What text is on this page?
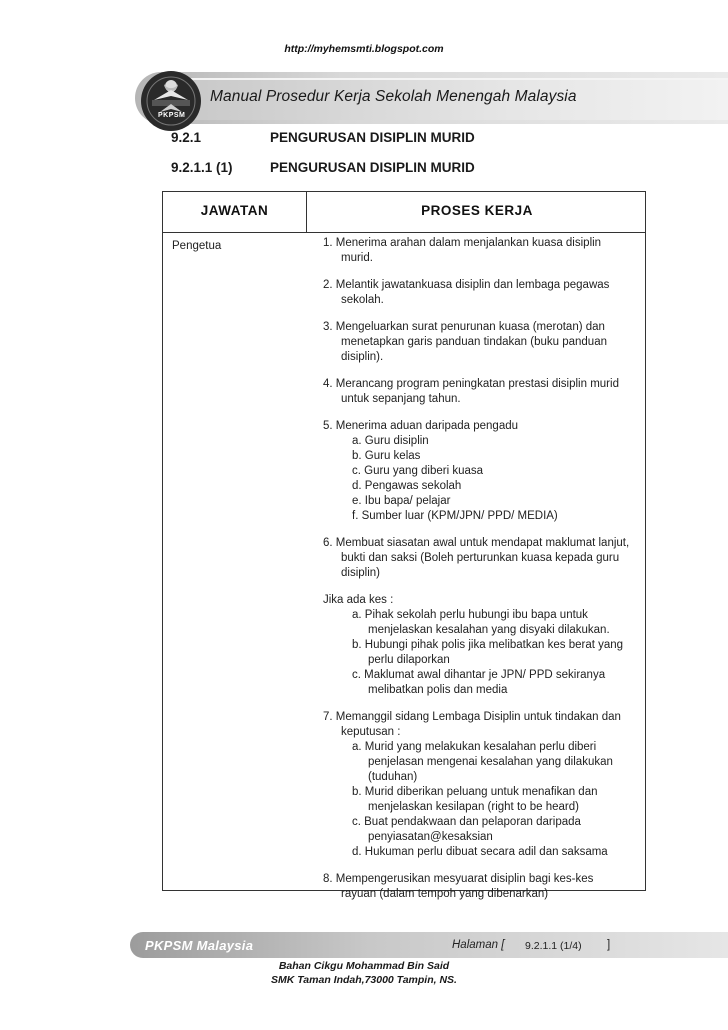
http://myhemsmti.blogspot.com
Manual Prosedur Kerja Sekolah Menengah Malaysia
PKPSM
9.2.1	PENGURUSAN DISIPLIN MURID
9.2.1.1 (1)	PENGURUSAN DISIPLIN MURID
JAWATAN	PROSES KERJA
Pengetua	1. Menerima arahan dalam menjalankan kuasa disiplin
murid.
2. Melantik jawatankuasa disiplin dan lembaga pegawas
sekolah.
3. Mengeluarkan surat penurunan kuasa (merotan) dan
menetapkan garis panduan tindakan (buku panduan
disiplin).
4. Merancang program peningkatan prestasi disiplin murid
untuk sepanjang tahun.
5. Menerima aduan daripada pengadu
a. Guru disiplin
b. Guru kelas
c. Guru yang diberi kuasa
d. Pengawas sekolah
e. Ibu bapa/ pelajar
f. Sumber luar (KPM/JPN/ PPD/ MEDIA)
6. Membuat siasatan awal untuk mendapat maklumat lanjut,
bukti dan saksi (Boleh perturunkan kuasa kepada guru
disiplin)
Jika ada kes :
a. Pihak sekolah perlu hubungi ibu bapa untuk
menjelaskan kesalahan yang disyaki dilakukan.
b. Hubungi pihak polis jika melibatkan kes berat yang
perlu dilaporkan
c. Maklumat awal dihantar je JPN/ PPD sekiranya
melibatkan polis dan media
7. Memanggil sidang Lembaga Disiplin untuk tindakan dan
keputusan :
a. Murid yang melakukan kesalahan perlu diberi
penjelasan mengenai kesalahan yang dilakukan
(tuduhan)
b. Murid diberikan peluang untuk menafikan dan
menjelaskan kesilapan (right to be heard)
c. Buat pendakwaan dan pelaporan daripada
penyiasatan@kesaksian
d. Hukuman perlu dibuat secara adil dan saksama
8. Mempengerusikan mesyuarat disiplin bagi kes-kes
rayuan (dalam tempoh yang dibenarkan)
PKPSM Malaysia	Halaman [ 9.2.1.1 (1/4) ]
Bahan Cikgu Mohammad Bin Said
SMK Taman Indah,73000 Tampin, NS.
